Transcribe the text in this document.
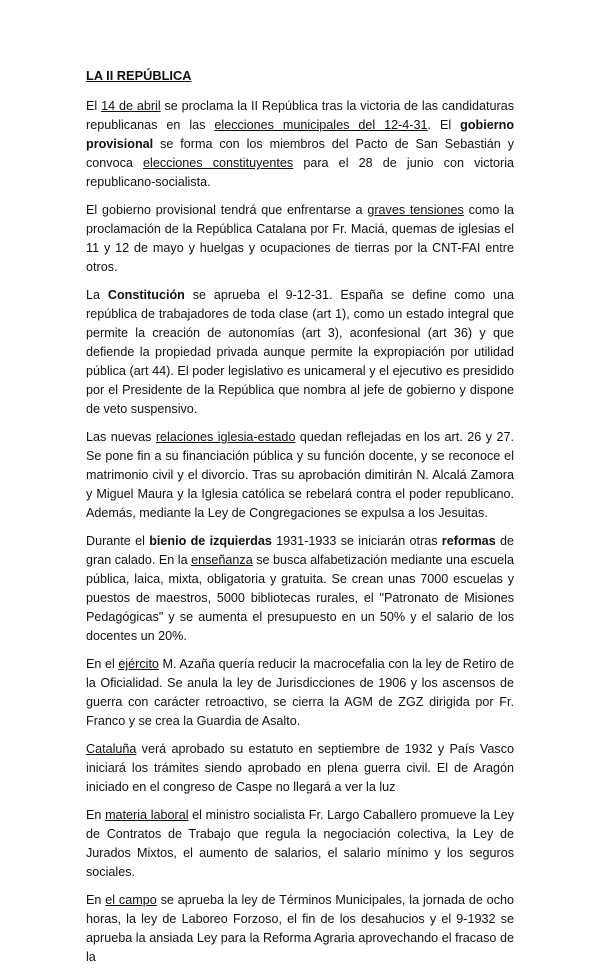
LA II REPÚBLICA

El 14 de abril se proclama la II República tras la victoria de las candidaturas republicanas en las elecciones municipales del 12-4-31. El gobierno provisional se forma con los miembros del Pacto de San Sebastián y convoca elecciones constituyentes para el 28 de junio con victoria republicano-socialista.

El gobierno provisional tendrá que enfrentarse a graves tensiones como la proclamación de la República Catalana por Fr. Maciá, quemas de iglesias el 11 y 12 de mayo y huelgas y ocupaciones de tierras por la CNT-FAI entre otros.

La Constitución se aprueba el 9-12-31. España se define como una república de trabajadores de toda clase (art 1), como un estado integral que permite la creación de autonomías (art 3), aconfesional (art 36) y que defiende la propiedad privada aunque permite la expropiación por utilidad pública (art 44). El poder legislativo es unicameral y el ejecutivo es presidido por el Presidente de la República que nombra al jefe de gobierno y dispone de veto suspensivo.

Las nuevas relaciones iglesia-estado quedan reflejadas en los art. 26 y 27. Se pone fin a su financiación pública y su función docente, y se reconoce el matrimonio civil y el divorcio. Tras su aprobación dimitirán N. Alcalá Zamora y Miguel Maura y la Iglesia católica se rebelará contra el poder republicano. Además, mediante la Ley de Congregaciones se expulsa a los Jesuitas.

Durante el bienio de izquierdas 1931-1933 se iniciarán otras reformas de gran calado. En la enseñanza se busca alfabetización mediante una escuela pública, laica, mixta, obligatoria y gratuita. Se crean unas 7000 escuelas y puestos de maestros, 5000 bibliotecas rurales, el "Patronato de Misiones Pedagógicas" y se aumenta el presupuesto en un 50% y el salario de los docentes un 20%.

En el ejército M. Azaña quería reducir la macrocefalia con la ley de Retiro de la Oficialidad. Se anula la ley de Jurisdicciones de 1906 y los ascensos de guerra con carácter retroactivo, se cierra la AGM de ZGZ dirigida por Fr. Franco y se crea la Guardia de Asalto.

Cataluña verá aprobado su estatuto en septiembre de 1932 y País Vasco iniciará los trámites siendo aprobado en plena guerra civil. El de Aragón iniciado en el congreso de Caspe no llegará a ver la luz

En materia laboral el ministro socialista Fr. Largo Caballero promueve la Ley de Contratos de Trabajo que regula la negociación colectiva, la Ley de Jurados Mixtos, el aumento de salarios, el salario mínimo y los seguros sociales.

En el campo se aprueba la ley de Términos Municipales, la jornada de ocho horas, la ley de Laboreo Forzoso, el fin de los desahucios y el 9-1932 se aprueba la ansiada Ley para la Reforma Agraria aprovechando el fracaso de la
